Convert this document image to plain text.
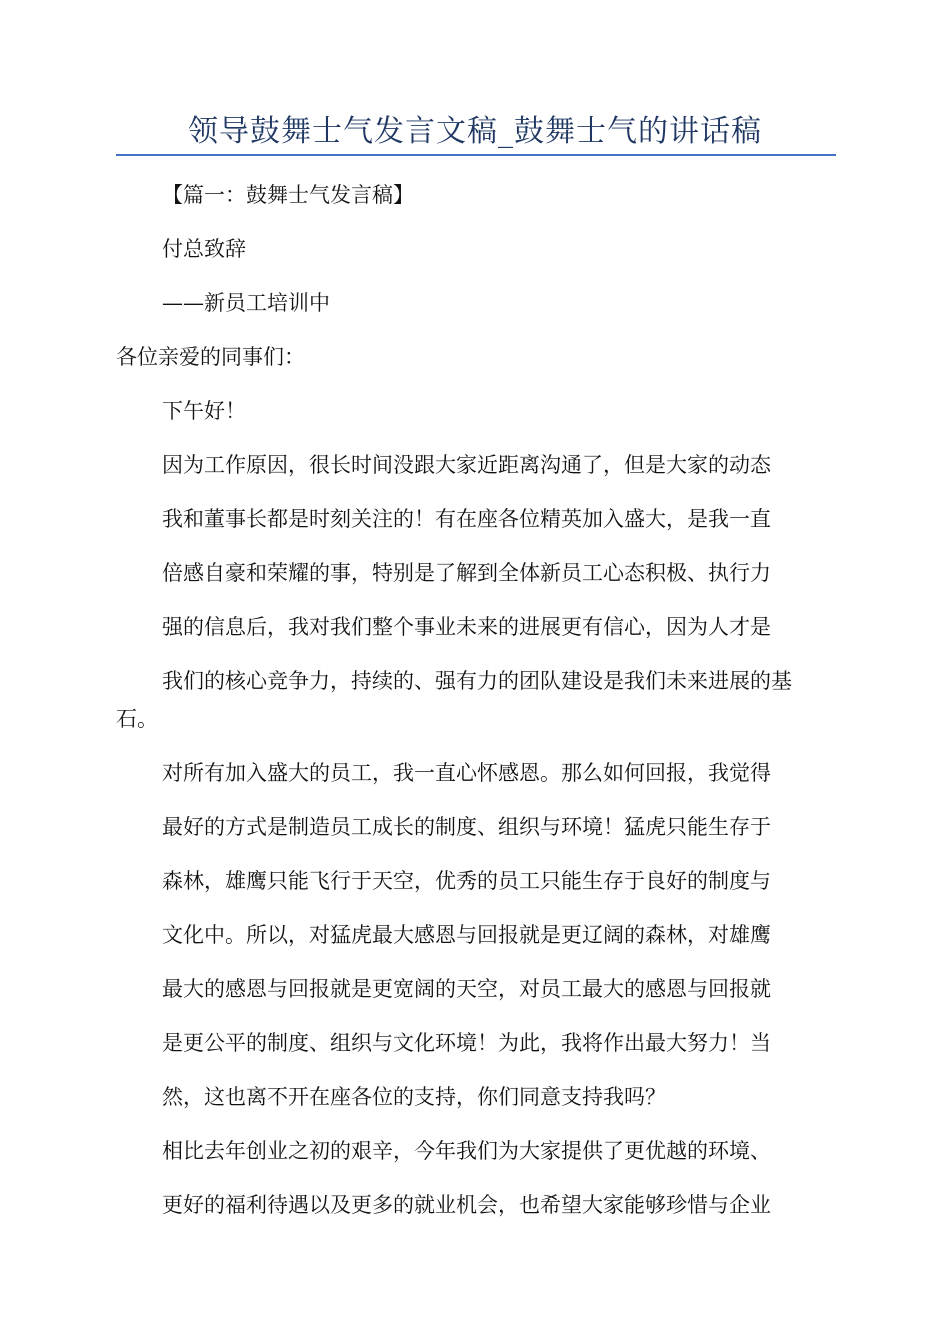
领导鼓舞士气发言文稿_鼓舞士气的讲话稿

【篇一：鼓舞士气发言稿】

付总致辞

——新员工培训中

各位亲爱的同事们：

下午好！

因为工作原因，很长时间没跟大家近距离沟通了，但是大家的动态

我和董事长都是时刻关注的！有在座各位精英加入盛大，是我一直

倍感自豪和荣耀的事，特别是了解到全体新员工心态积极、执行力

强的信息后，我对我们整个事业未来的进展更有信心，因为人才是

我们的核心竞争力，持续的、强有力的团队建设是我们未来进展的基

石。

对所有加入盛大的员工，我一直心怀感恩。那么如何回报，我觉得

最好的方式是制造员工成长的制度、组织与环境！猛虎只能生存于

森林，雄鹰只能飞行于天空，优秀的员工只能生存于良好的制度与

文化中。所以，对猛虎最大感恩与回报就是更辽阔的森林，对雄鹰

最大的感恩与回报就是更宽阔的天空，对员工最大的感恩与回报就

是更公平的制度、组织与文化环境！为此，我将作出最大努力！当

然，这也离不开在座各位的支持，你们同意支持我吗？

相比去年创业之初的艰辛，今年我们为大家提供了更优越的环境、

更好的福利待遇以及更多的就业机会，也希望大家能够珍惜与企业
